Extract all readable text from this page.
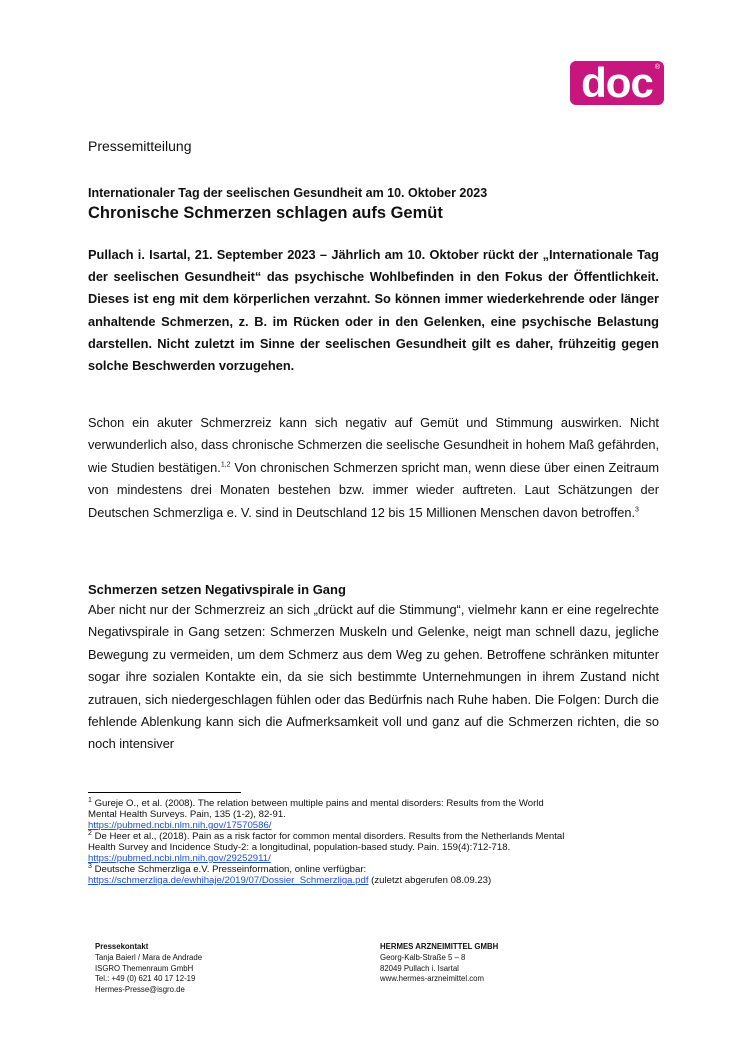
doc ®
Pressemitteilung
Internationaler Tag der seelischen Gesundheit am 10. Oktober 2023
Chronische Schmerzen schlagen aufs Gemüt
Pullach i. Isartal, 21. September 2023 – Jährlich am 10. Oktober rückt der „Internationale Tag der seelischen Gesundheit“ das psychische Wohlbefinden in den Fokus der Öffentlichkeit. Dieses ist eng mit dem körperlichen verzahnt. So können immer wiederkehrende oder länger anhaltende Schmerzen, z. B. im Rücken oder in den Gelenken, eine psychische Belastung darstellen. Nicht zuletzt im Sinne der seelischen Gesundheit gilt es daher, frühzeitig gegen solche Beschwerden vorzugehen.
Schon ein akuter Schmerzreiz kann sich negativ auf Gemüt und Stimmung auswirken. Nicht verwunderlich also, dass chronische Schmerzen die seelische Gesundheit in hohem Maß gefährden, wie Studien bestätigen.$^{1,2}$ Von chronischen Schmerzen spricht man, wenn diese über einen Zeitraum von mindestens drei Monaten bestehen bzw. immer wieder auftreten. Laut Schätzungen der Deutschen Schmerzliga e. V. sind in Deutschland 12 bis 15 Millionen Menschen davon betroffen.$^3$
Schmerzen setzen Negativspirale in Gang
Aber nicht nur der Schmerzreiz an sich „drückt auf die Stimmung“, vielmehr kann er eine regelrechte Negativspirale in Gang setzen: Schmerzen Muskeln und Gelenke, neigt man schnell dazu, jegliche Bewegung zu vermeiden, um dem Schmerz aus dem Weg zu gehen. Betroffene schränken mitunter sogar ihre sozialen Kontakte ein, da sie sich bestimmte Unternehmungen in ihrem Zustand nicht zutrauen, sich niedergeschlagen fühlen oder das Bedürfnis nach Ruhe haben. Die Folgen: Durch die fehlende Ablenkung kann sich die Aufmerksamkeit voll und ganz auf die Schmerzen richten, die so noch intensiver
$^1$ Gureje O., et al. (2008). The relation between multiple pains and mental disorders: Results from the World
Mental Health Surveys. Pain, 135 (1-2), 82-91.
https://pubmed.ncbi.nlm.nih.gov/17570586/
$^2$ De Heer et al., (2018). Pain as a risk factor for common mental disorders. Results from the Netherlands Mental
Health Survey and Incidence Study-2: a longitudinal, population-based study. Pain. 159(4):712-718.
https://pubmed.ncbi.nlm.nih.gov/29252911/
$^3$ Deutsche Schmerzliga e.V. Presseinformation, online verfügbar:
https://schmerzliga.de/ewhihaje/2019/07/Dossier_Schmerzliga.pdf (zuletzt abgerufen 08.09.23)
Pressekontakt
Tanja Baierl / Mara de Andrade
ISGRO Themenraum GmbH
Tel.: +49 (0) 621 40 17 12-19
Hermes-Presse@isgro.de
HERMES ARZNEIMITTEL GMBH
Georg-Kalb-Straße 5 – 8
82049 Pullach i. Isartal
www.hermes-arzneimittel.com
